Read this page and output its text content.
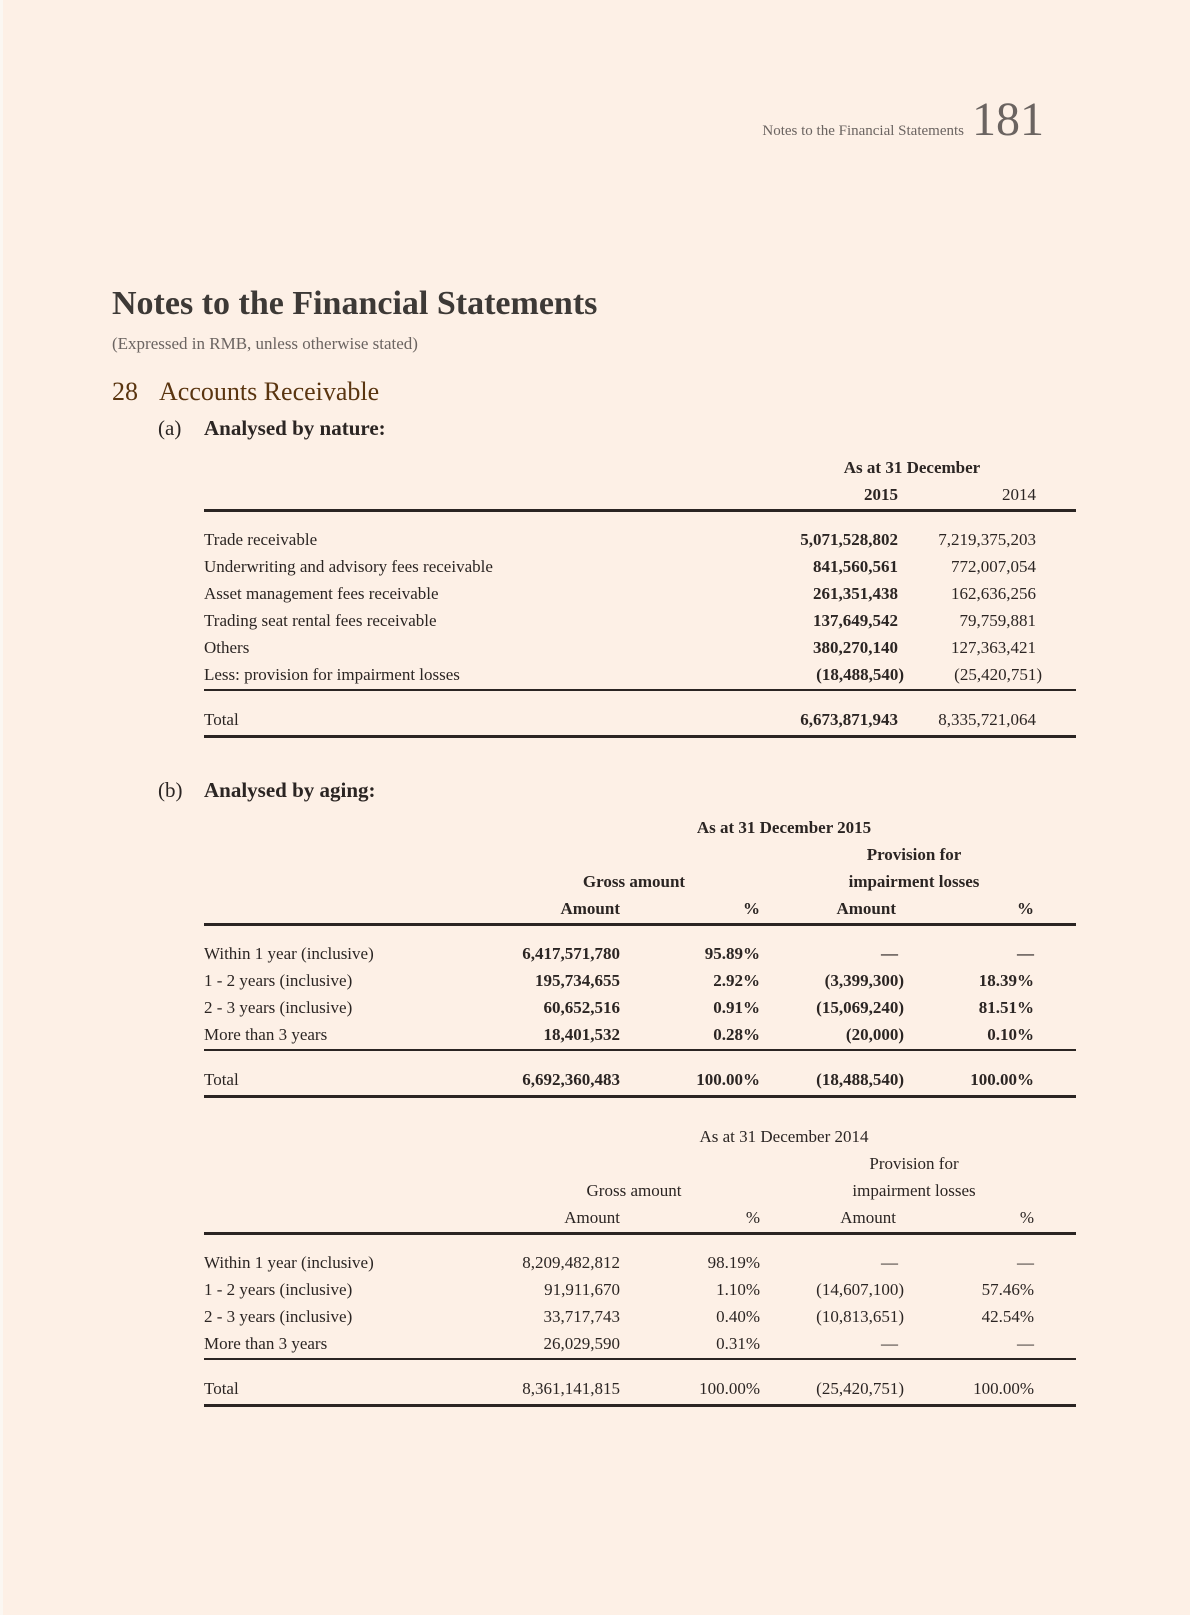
Notes to the Financial Statements 181
Notes to the Financial Statements
(Expressed in RMB, unless otherwise stated)
28 Accounts Receivable
(a) Analysed by nature:
As at 31 December
2015	2014
Trade receivable	5,071,528,802 7,219,375,203
Underwriting and advisory fees receivable	841,560,561	772,007,054
Asset management fees receivable	261,351,438	162,636,256
Trading seat rental fees receivable	137,649,542	79,759,881
Others	380,270,140	127,363,421
Less: provision for impairment losses	(18,488,540)	(25,420,751)
Total	6,673,871,943 8,335,721,064
(b) Analysed by aging:
As at 31 December 2015
Provision for
Gross amount	impairment losses
Amount	%	Amount	%
Within 1 year (inclusive)	6,417,571,780	95.89%	—	—
1 - 2 years (inclusive)	195,734,655	2.92%	(3,399,300)	18.39%
2 - 3 years (inclusive)	60,652,516	0.91%	(15,069,240)	81.51%
More than 3 years	18,401,532	0.28%	(20,000)	0.10%
Total	6,692,360,483	100.00%	(18,488,540)	100.00%
As at 31 December 2014
Provision for
Gross amount	impairment losses
Amount	%	Amount	%
Within 1 year (inclusive)	8,209,482,812	98.19%	—	—
1 - 2 years (inclusive)	91,911,670	1.10%	(14,607,100)	57.46%
2 - 3 years (inclusive)	33,717,743	0.40%	(10,813,651)	42.54%
More than 3 years	26,029,590	0.31%	—	—
Total	8,361,141,815	100.00%	(25,420,751)	100.00%
